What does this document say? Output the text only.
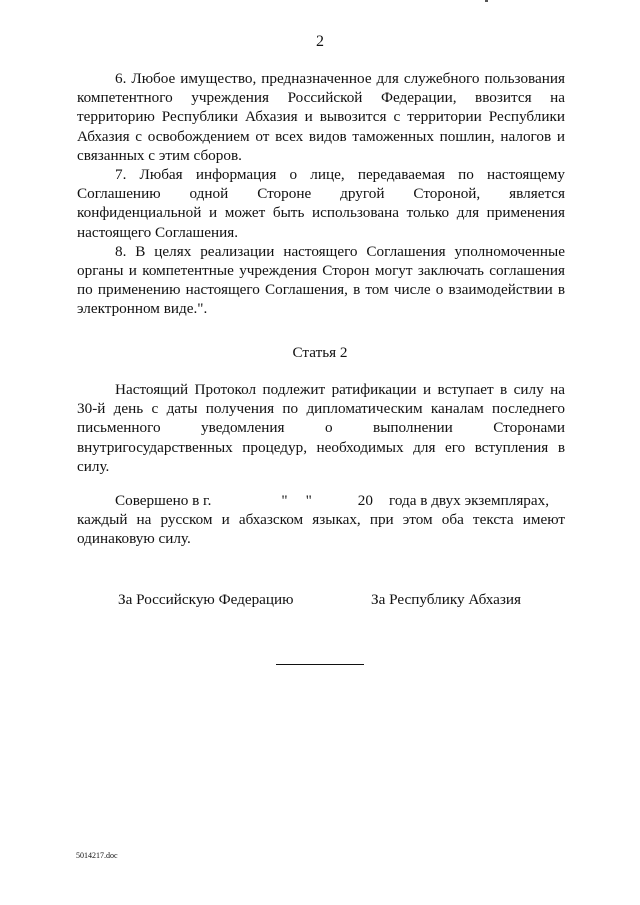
2

6. Любое имущество, предназначенное для служебного пользования компетентного учреждения Российской Федерации, ввозится на территорию Республики Абхазия и вывозится с территории Республики Абхазия с освобождением от всех видов таможенных пошлин, налогов и связанных с этим сборов.

7. Любая информация о лице, передаваемая по настоящему Соглашению одной Стороне другой Стороной, является конфиденциальной и может быть использована только для применения настоящего Соглашения.

8. В целях реализации настоящего Соглашения уполномоченные органы и компетентные учреждения Сторон могут заключать соглашения по применению настоящего Соглашения, в том числе о взаимодействии в электронном виде.".

Статья 2

Настоящий Протокол подлежит ратификации и вступает в силу на 30-й день с даты получения по дипломатическим каналам последнего письменного уведомления о выполнении Сторонами внутригосударственных процедур, необходимых для его вступления в силу.

Совершено в г.	" "	20 года в двух экземплярах,

каждый на русском и абхазском языках, при этом оба текста имеют одинаковую силу.

За Российскую Федерацию	За Республику Абхазия
5014217.doc
